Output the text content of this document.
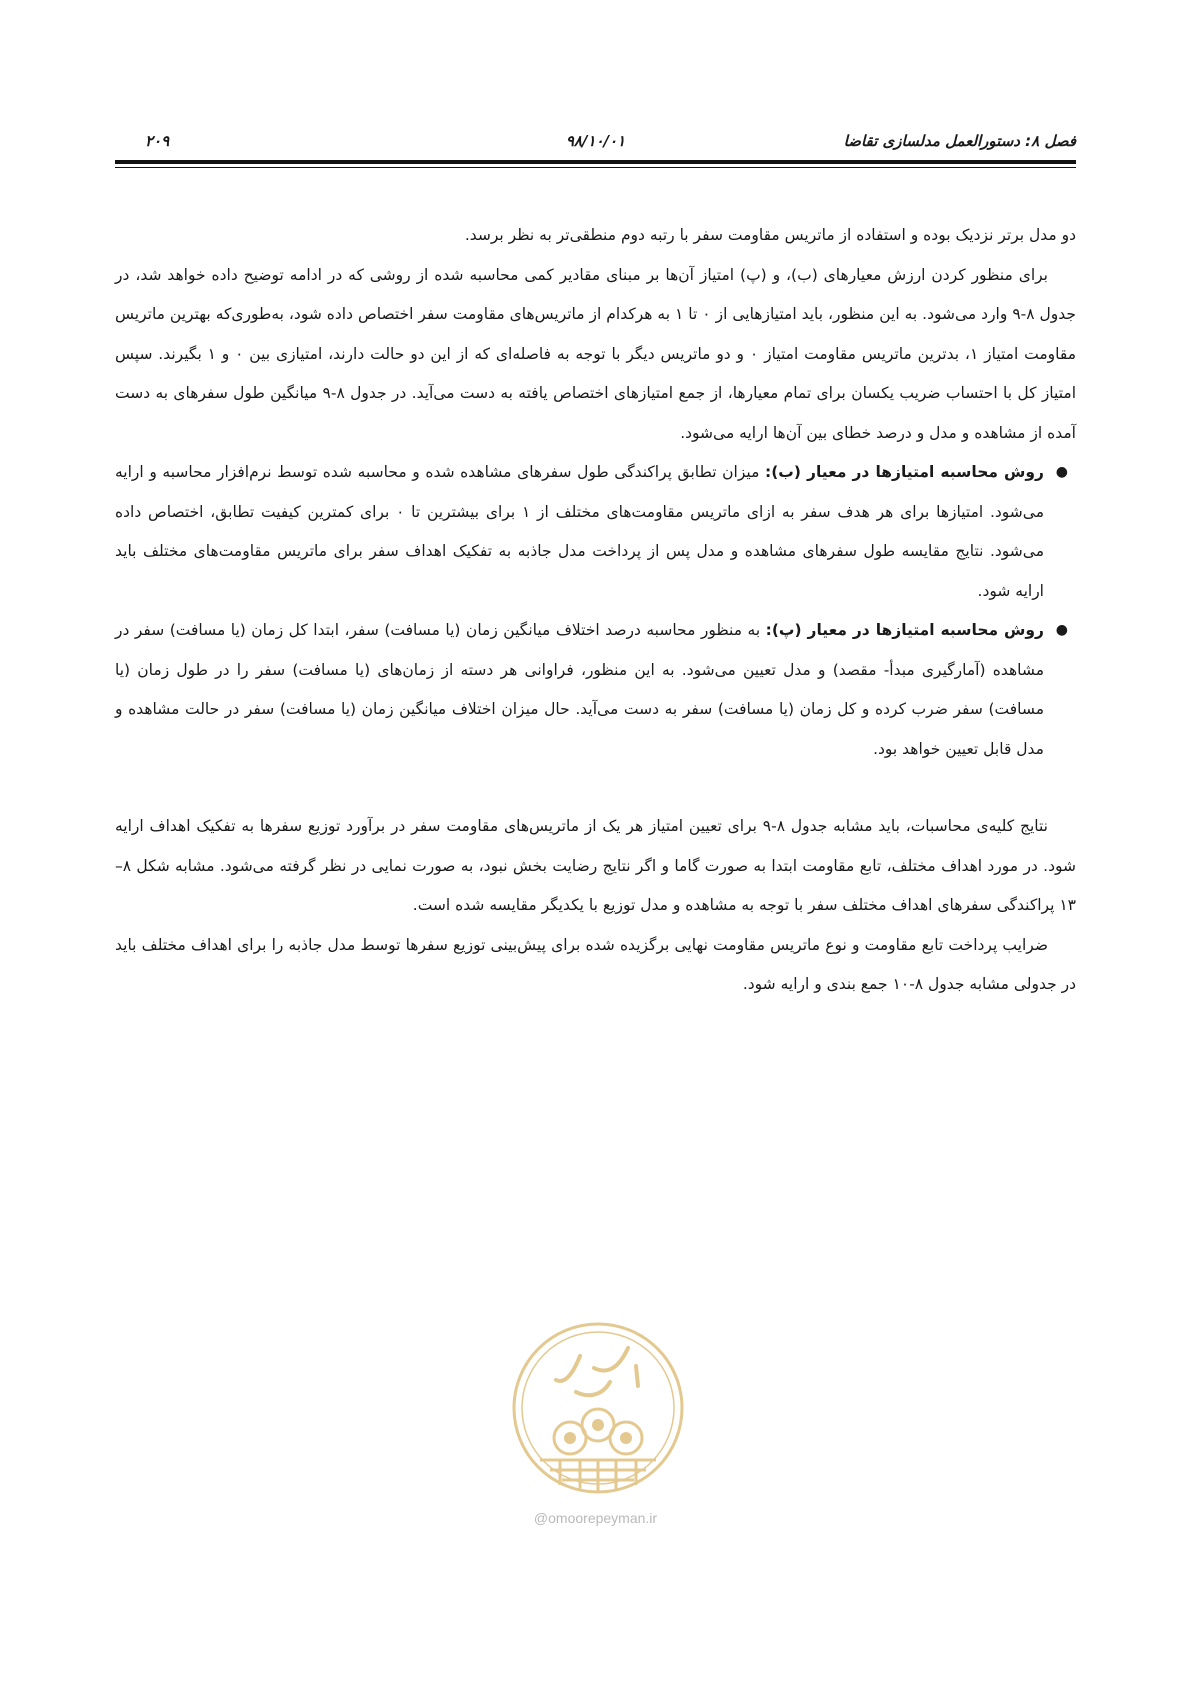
فصل ۸: دستورالعمل مدلسازی تقاضا
۹۸/۱۰/۰۱
۲۰۹

دو مدل برتر نزدیک بوده و استفاده از ماتریس مقاومت سفر با رتبه دوم منطقی‌تر به نظر برسد.

برای منظور کردن ارزش معیارهای (ب)، و (پ) امتیاز آن‌ها بر مبنای مقادیر کمی محاسبه شده از روشی که در ادامه توضیح داده خواهد شد، در جدول ۸-۹ وارد می‌شود. به این منظور، باید امتیازهایی از ۰ تا ۱ به هرکدام از ماتریس‌های مقاومت سفر اختصاص داده شود، به‌طوری‌که بهترین ماتریس مقاومت امتیاز ۱، بدترین ماتریس مقاومت امتیاز ۰ و دو ماتریس دیگر با توجه به فاصله‌ای که از این دو حالت دارند، امتیازی بین ۰ و ۱ بگیرند. سپس امتیاز کل با احتساب ضریب یکسان برای تمام معیارها، از جمع امتیازهای اختصاص یافته به دست می‌آید. در جدول ۸-۹ میانگین طول سفرهای به دست آمده از مشاهده و مدل و درصد خطای بین آن‌ها ارایه می‌شود.

●
روش محاسبه امتیازها در معیار (ب): میزان تطابق پراکندگی طول سفرهای مشاهده شده و محاسبه شده توسط نرم‌افزار محاسبه و ارایه می‌شود. امتیازها برای هر هدف سفر به ازای ماتریس مقاومت‌های مختلف از ۱ برای بیشترین تا ۰ برای کمترین کیفیت تطابق، اختصاص داده می‌شود. نتایج مقایسه طول سفرهای مشاهده و مدل پس از پرداخت مدل جاذبه به تفکیک اهداف سفر برای ماتریس مقاومت‌های مختلف باید ارایه شود.
●
روش محاسبه امتیازها در معیار (پ): به منظور محاسبه درصد اختلاف میانگین زمان (یا مسافت) سفر، ابتدا کل زمان (یا مسافت) سفر در مشاهده (آمارگیری مبدأ- مقصد) و مدل تعیین می‌شود. به این منظور، فراوانی هر دسته از زمان‌های (یا مسافت) سفر را در طول زمان (یا مسافت) سفر ضرب کرده و کل زمان (یا مسافت) سفر به دست می‌آید. حال میزان اختلاف میانگین زمان (یا مسافت) سفر در حالت مشاهده و مدل قابل تعیین خواهد بود.

نتایج کلیه‌ی محاسبات، باید مشابه جدول ۸-۹ برای تعیین امتیاز هر یک از ماتریس‌های مقاومت سفر در برآورد توزیع سفرها به تفکیک اهداف ارایه شود. در مورد اهداف مختلف، تابع مقاومت ابتدا به صورت گاما و اگر نتایج رضایت بخش نبود، به صورت نمایی در نظر گرفته می‌شود. مشابه شکل ۸–۱۳ پراکندگی سفرهای اهداف مختلف سفر با توجه به مشاهده و مدل توزیع با یکدیگر مقایسه شده است.

ضرایب پرداخت تابع مقاومت و نوع ماتریس مقاومت نهایی برگزیده شده برای پیش‌بینی توزیع سفرها توسط مدل جاذبه را برای اهداف مختلف باید در جدولی مشابه جدول ۸-۱۰ جمع بندی و ارایه شود.

@omoorepeyman.ir
